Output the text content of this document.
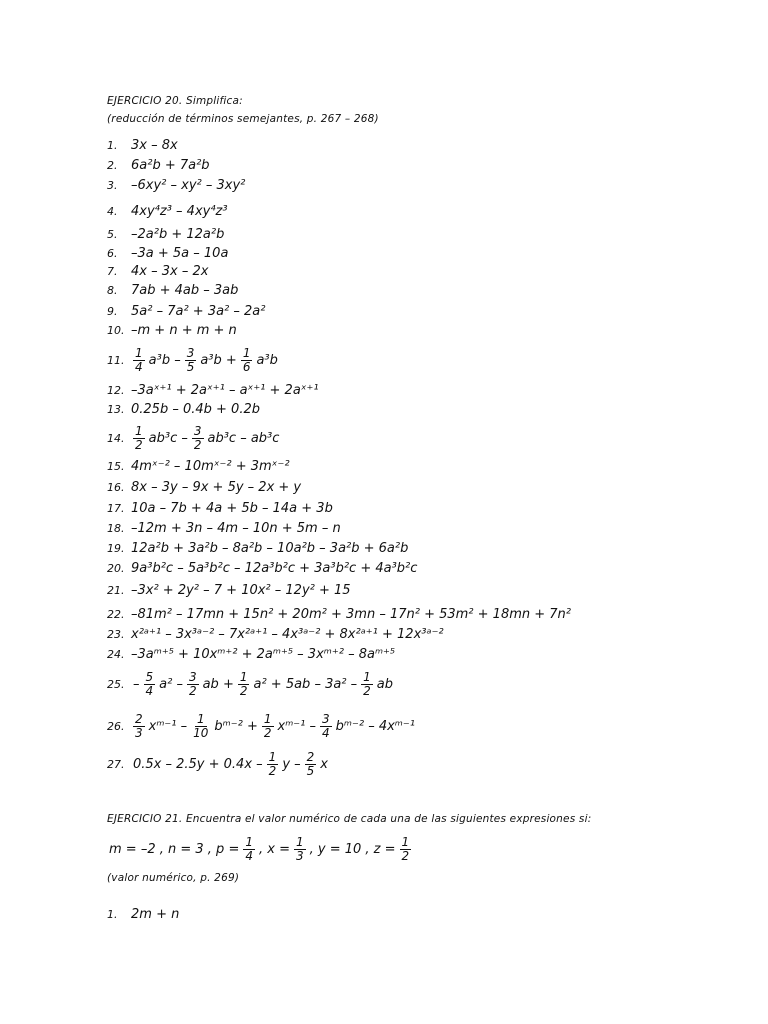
EJERCICIO 20. Simplifica:
(reducción de términos semejantes, p. 267 – 268)
1.	3x – 8x
2.	6a²b + 7a²b
3.	–6xy² – xy² – 3xy²
4.	4xy⁴z³ – 4xy⁴z³
5.	–2a²b + 12a²b
6.	–3a + 5a – 10a
7.	4x – 3x – 2x
8.	7ab + 4ab – 3ab
9.	5a² – 7a² + 3a² – 2a²
10. –m + n + m + n
11. $\frac{1}{4} a^3b - \frac{3}{5} a^3b + \frac{1}{6} a^3b$
12. –3aˣ⁺¹ + 2aˣ⁺¹ – aˣ⁺¹ + 2aˣ⁺¹
13. 0.25b – 0.4b + 0.2b
14. $\frac{1}{2} ab^3c - \frac{3}{2} ab^3c - ab^3c$
15. 4mˣ⁻² – 10mˣ⁻² + 3mˣ⁻²
16. 8x – 3y – 9x + 5y – 2x + y
17. 10a – 7b + 4a + 5b – 14a + 3b
18. –12m + 3n – 4m – 10n + 5m – n
19. 12a²b + 3a²b – 8a²b – 10a²b – 3a²b + 6a²b
20. 9a³b²c – 5a³b²c – 12a³b²c + 3a³b²c + 4a³b²c
21. –3x² + 2y² – 7 + 10x² – 12y² + 15
22. –81m² – 17mn + 15n² + 20m² + 3mn – 17n² + 53m² + 18mn + 7n²
23. x²ᵃ⁺¹ – 3x³ᵃ⁻² – 7x²ᵃ⁺¹ – 4x³ᵃ⁻² + 8x²ᵃ⁺¹ + 12x³ᵃ⁻²
24. –3aᵐ⁺⁵ + 10xᵐ⁺² + 2aᵐ⁺⁵ – 3xᵐ⁺² – 8aᵐ⁺⁵
25. – $\frac{5}{4} a^2 - \frac{3}{2}$ ab + $\frac{1}{2} a^2 + 5ab - 3a^2 - \frac{1}{2}$ ab
26. $\frac{2}{3}$ xᵐ⁻¹ – $\frac{1}{10}$ bᵐ⁻² + $\frac{1}{2}$ xᵐ⁻¹ – $\frac{3}{4}$ bᵐ⁻² – 4xᵐ⁻¹
27. $0.5x - 2.5y + 0.4x - \frac{1}{2}$ y – $\frac{2}{5}$ x
EJERCICIO 21. Encuentra el valor numérico de cada una de las siguientes expresiones si:
m = –2 , n = 3 , $p = \frac{1}{4}$ , $x = \frac{1}{3}$ , y = 10 , $z = \frac{1}{2}$
(valor numérico, p. 269)
1.	2m + n
